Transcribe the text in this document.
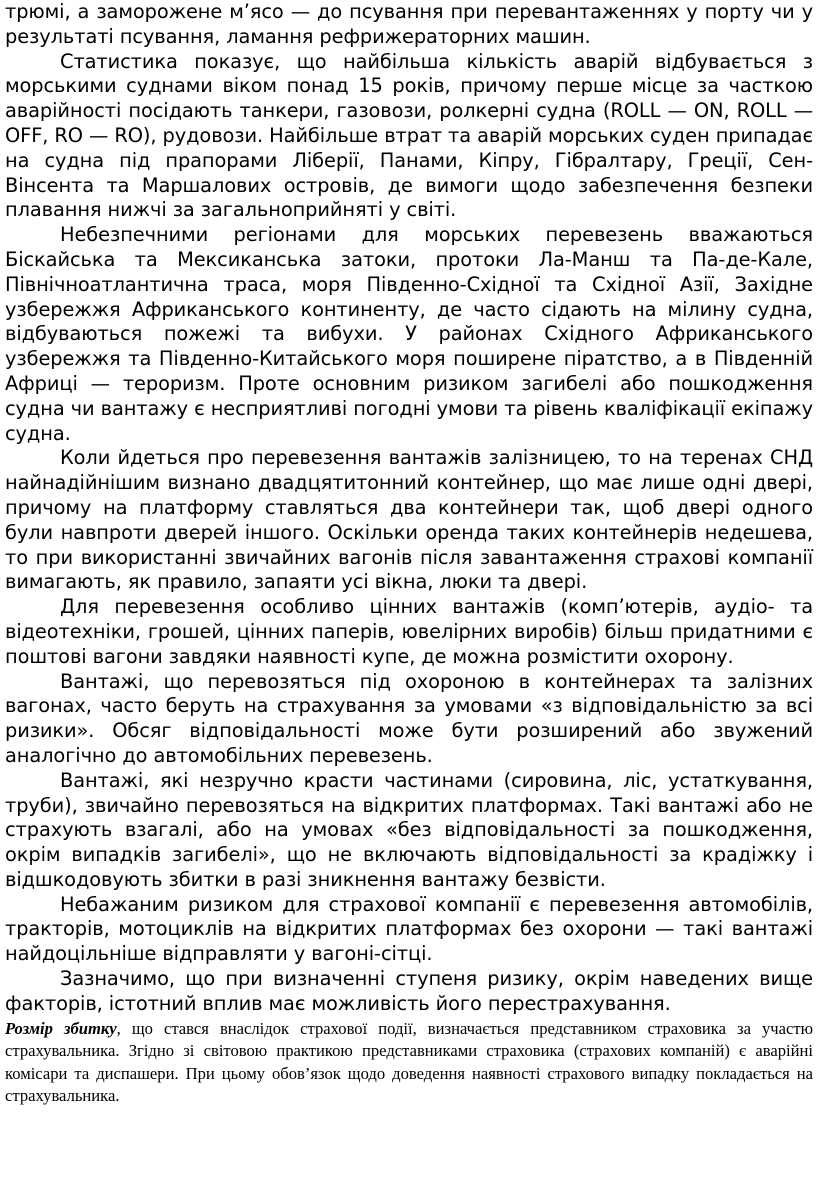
трюмі, а заморожене м’ясо — до псування при перевантаженнях у порту чи у результаті псування, ламання рефрижераторних машин.

Статистика показує, що найбільша кількість аварій відбувається з морськими суднами віком понад 15 років, причому перше місце за часткою аварійності посідають танкери, газовози, ролкерні судна (ROLL — ON, ROLL — OFF, RO — RO), рудовози. Найбільше втрат та аварій морських суден припадає на судна під прапорами Ліберії, Панами, Кіпру, Гібралтару, Греції, Сен-Вінсента та Маршалових островів, де вимоги щодо забезпечення безпеки плавання нижчі за загальноприйняті у світі.

Небезпечними регіонами для морських перевезень вважаються Біскайська та Мексиканська затоки, протоки Ла-Манш та Па-де-Кале, Північноатлантична траса, моря Південно-Східної та Східної Азії, Західне узбережжя Африканського континенту, де часто сідають на мілину судна, відбуваються пожежі та вибухи. У районах Східного Африканського узбережжя та Південно-Китайського моря поширене піратство, а в Південній Африці — тероризм. Проте основним ризиком загибелі або пошкодження судна чи вантажу є несприятливі погодні умови та рівень кваліфікації екіпажу судна.

Коли йдеться про перевезення вантажів залізницею, то на теренах СНД найнадійнішим визнано двадцятитонний контейнер, що має лише одні двері, причому на платформу ставляться два контейнери так, щоб двері одного були навпроти дверей іншого. Оскільки оренда таких контейнерів недешева, то при використанні звичайних вагонів після завантаження страхові компанії вимагають, як правило, запаяти усі вікна, люки та двері.

Для перевезення особливо цінних вантажів (комп’ютерів, аудіо- та відеотехніки, грошей, цінних паперів, ювелірних виробів) більш придатними є поштові вагони завдяки наявності купе, де можна розмістити охорону.

Вантажі, що перевозяться під охороною в контейнерах та залізних вагонах, часто беруть на страхування за умовами «з відповідальністю за всі ризики». Обсяг відповідальності може бути розширений або звужений аналогічно до автомобільних перевезень.

Вантажі, які незручно красти частинами (сировина, ліс, устаткування, труби), звичайно перевозяться на відкритих платформах. Такі вантажі або не страхують взагалі, або на умовах «без відповідальності за пошкодження, окрім випадків загибелі», що не включають відповідальності за крадіжку і відшкодовують збитки в разі зникнення вантажу безвісти.

Небажаним ризиком для страхової компанії є перевезення автомобілів, тракторів, мотоциклів на відкритих платформах без охорони — такі вантажі найдоцільніше відправляти у вагоні-сітці.

Зазначимо, що при визначенні ступеня ризику, окрім наведених вище факторів, істотний вплив має можливість його перестрахування.

Розмір збитку, що стався внаслідок страхової події, визначається представником страховика за участю страхувальника. Згідно зі світовою практикою представниками страховика (страхових компаній) є аварійні комісари та диспашери. При цьому обов’язок щодо доведення наявності страхового випадку покладається на страхувальника.
